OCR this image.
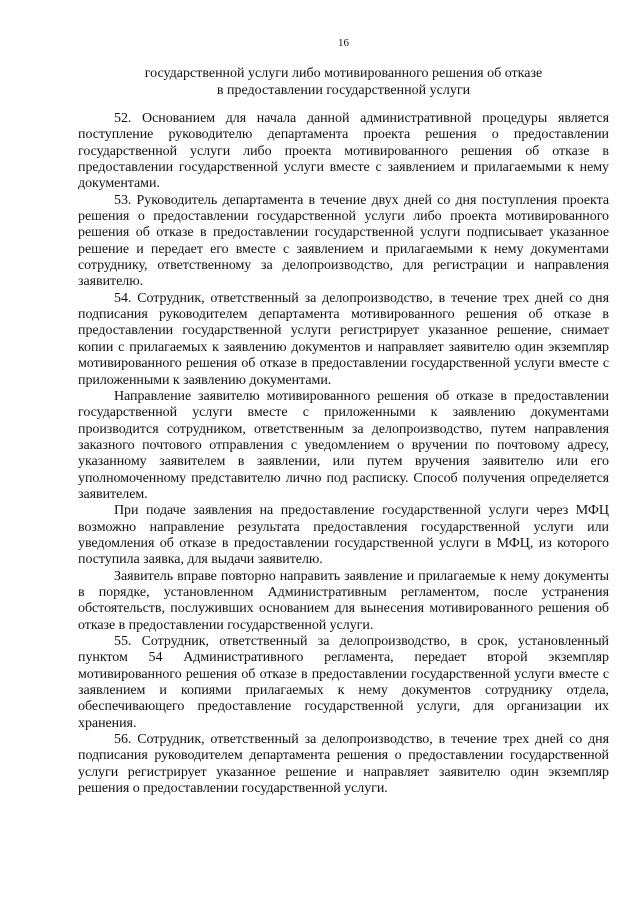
16
государственной услуги либо мотивированного решения об отказе
в предоставлении государственной услуги

52. Основанием для начала данной административной процедуры является поступление руководителю департамента проекта решения о предоставлении государственной услуги либо проекта мотивированного решения об отказе в предоставлении государственной услуги вместе с заявлением и прилагаемыми к нему документами.

53. Руководитель департамента в течение двух дней со дня поступления проекта решения о предоставлении государственной услуги либо проекта мотивированного решения об отказе в предоставлении государственной услуги подписывает указанное решение и передает его вместе с заявлением и прилагаемыми к нему документами сотруднику, ответственному за делопроизводство, для регистрации и направления заявителю.

54. Сотрудник, ответственный за делопроизводство, в течение трех дней со дня подписания руководителем департамента мотивированного решения об отказе в предоставлении государственной услуги регистрирует указанное решение, снимает копии с прилагаемых к заявлению документов и направляет заявителю один экземпляр мотивированного решения об отказе в предоставлении государственной услуги вместе с приложенными к заявлению документами.

Направление заявителю мотивированного решения об отказе в предоставлении государственной услуги вместе с приложенными к заявлению документами производится сотрудником, ответственным за делопроизводство, путем направления заказного почтового отправления с уведомлением о вручении по почтовому адресу, указанному заявителем в заявлении, или путем вручения заявителю или его уполномоченному представителю лично под расписку. Способ получения определяется заявителем.

При подаче заявления на предоставление государственной услуги через МФЦ возможно направление результата предоставления государственной услуги или уведомления об отказе в предоставлении государственной услуги в МФЦ, из которого поступила заявка, для выдачи заявителю.

Заявитель вправе повторно направить заявление и прилагаемые к нему документы в порядке, установленном Административным регламентом, после устранения обстоятельств, послуживших основанием для вынесения мотивированного решения об отказе в предоставлении государственной услуги.

55. Сотрудник, ответственный за делопроизводство, в срок, установленный пунктом 54 Административного регламента, передает второй экземпляр мотивированного решения об отказе в предоставлении государственной услуги вместе с заявлением и копиями прилагаемых к нему документов сотруднику отдела, обеспечивающего предоставление государственной услуги, для организации их хранения.

56. Сотрудник, ответственный за делопроизводство, в течение трех дней со дня подписания руководителем департамента решения о предоставлении государственной услуги регистрирует указанное решение и направляет заявителю один экземпляр решения о предоставлении государственной услуги.
